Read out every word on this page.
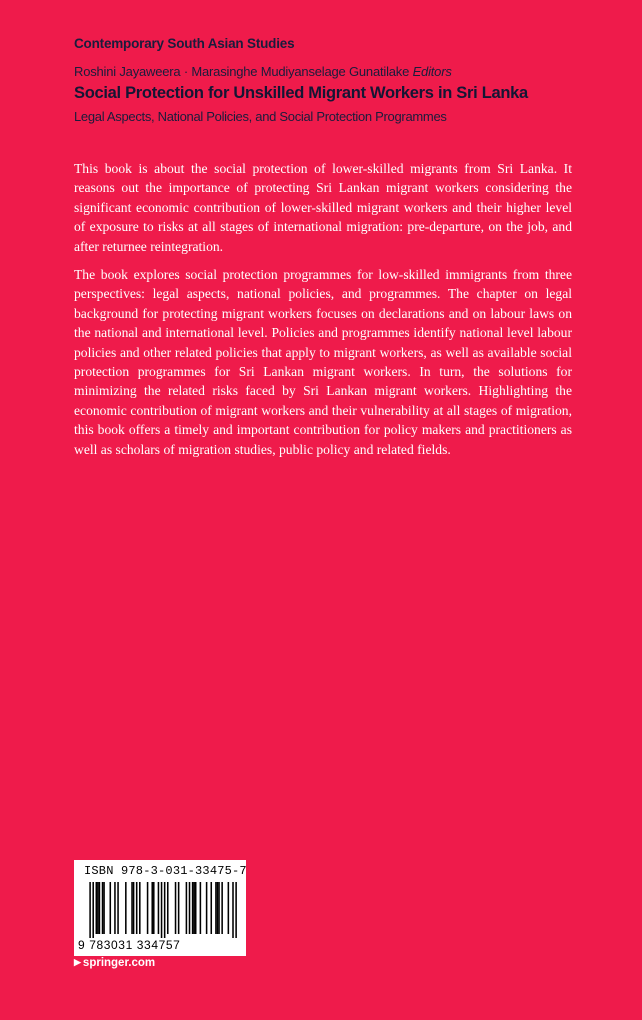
Contemporary South Asian Studies
Roshini Jayaweera · Marasinghe Mudiyanselage Gunatilake Editors
Social Protection for Unskilled Migrant Workers in Sri Lanka
Legal Aspects, National Policies, and Social Protection Programmes

This book is about the social protection of lower-skilled migrants from Sri Lanka. It reasons out the importance of protecting Sri Lankan migrant workers considering the significant economic contribution of lower-skilled migrant workers and their higher level of exposure to risks at all stages of international migration: pre-departure, on the job, and after returnee reintegration.

The book explores social protection programmes for low-skilled immigrants from three perspectives: legal aspects, national policies, and programmes. The chapter on legal background for protecting migrant workers focuses on declarations and on labour laws on the national and international level. Policies and programmes identify national level labour policies and other related policies that apply to migrant workers, as well as available social protection programmes for Sri Lankan migrant workers. In turn, the solutions for minimizing the related risks faced by Sri Lankan migrant workers. Highlighting the economic contribution of migrant workers and their vulnerability at all stages of migration, this book offers a timely and important contribution for policy makers and practitioners as well as scholars of migration studies, public policy and related fields.

ISBN 978-3-031-33475-7
9 783031 334757
▶ springer.com
